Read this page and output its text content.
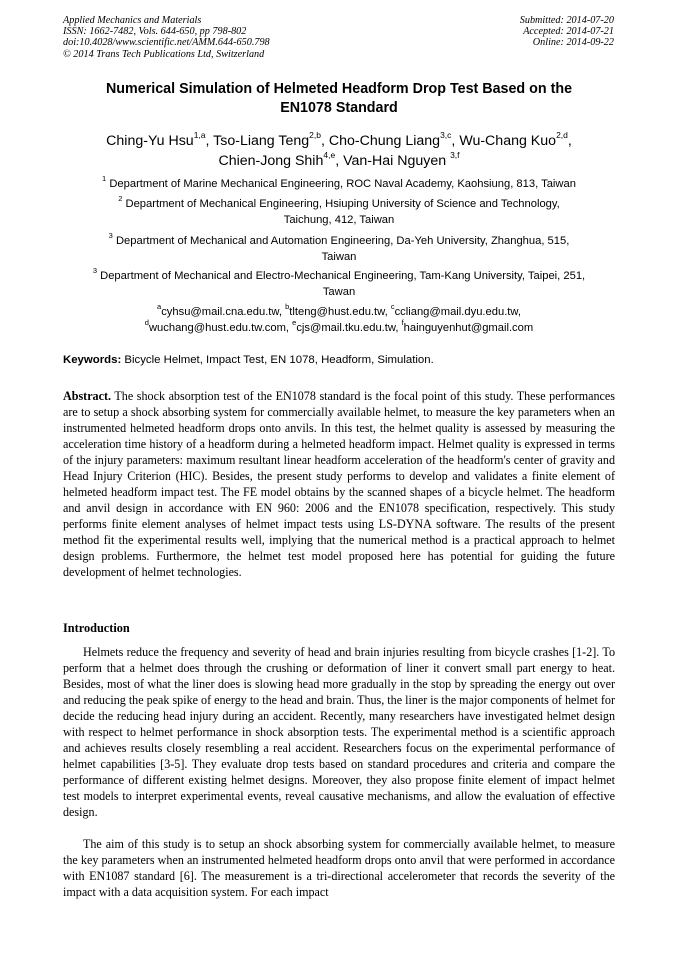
Applied Mechanics and Materials
ISSN: 1662-7482, Vols. 644-650, pp 798-802
doi:10.4028/www.scientific.net/AMM.644-650.798
© 2014 Trans Tech Publications Ltd, Switzerland
Submitted: 2014-07-20
Accepted: 2014-07-21
Online: 2014-09-22
Numerical Simulation of Helmeted Headform Drop Test Based on the
EN1078 Standard
Ching-Yu Hsu$^{1,a}$, Tso-Liang Teng$^{2,b}$, Cho-Chung Liang$^{3,c}$, Wu-Chang Kuo$^{2,d}$,
Chien-Jong Shih$^{4,e}$, Van-Hai Nguyen $^{3,f}$
$^1$ Department of Marine Mechanical Engineering, ROC Naval Academy, Kaohsiung, 813, Taiwan
$^2$ Department of Mechanical Engineering, Hsiuping University of Science and Technology,
Taichung, 412, Taiwan
$^3$ Department of Mechanical and Automation Engineering, Da-Yeh University, Zhanghua, 515,
Taiwan
$^3$ Department of Mechanical and Electro-Mechanical Engineering, Tam-Kang University, Taipei, 251,
Tawan
$^a$cyhsu@mail.cna.edu.tw, $^b$tlteng@hust.edu.tw, $^c$ccliang@mail.dyu.edu.tw,
$^d$wuchang@hust.edu.tw.com, $^e$cjs@mail.tku.edu.tw, $^f$hainguyenhut@gmail.com
Keywords: Bicycle Helmet, Impact Test, EN 1078, Headform, Simulation.

Abstract. The shock absorption test of the EN1078 standard is the focal point of this study. These performances are to setup a shock absorbing system for commercially available helmet, to measure the key parameters when an instrumented helmeted headform drops onto anvils. In this test, the helmet quality is assessed by measuring the acceleration time history of a headform during a helmeted headform impact. Helmet quality is expressed in terms of the injury parameters: maximum resultant linear headform acceleration of the headform's center of gravity and Head Injury Criterion (HIC). Besides, the present study performs to develop and validates a finite element of helmeted headform impact test. The FE model obtains by the scanned shapes of a bicycle helmet. The headform and anvil design in accordance with EN 960: 2006 and the EN1078 specification, respectively. This study performs finite element analyses of helmet impact tests using LS-DYNA software. The results of the present method fit the experimental results well, implying that the numerical method is a practical approach to helmet design problems. Furthermore, the helmet test model proposed here has potential for guiding the future development of helmet technologies.

Introduction

Helmets reduce the frequency and severity of head and brain injuries resulting from bicycle crashes [1-2]. To perform that a helmet does through the crushing or deformation of liner it convert small part energy to heat. Besides, most of what the liner does is slowing head more gradually in the stop by spreading the energy out over and reducing the peak spike of energy to the head and brain. Thus, the liner is the major components of helmet for decide the reducing head injury during an accident. Recently, many researchers have investigated helmet design with respect to helmet performance in shock absorption tests. The experimental method is a scientific approach and achieves results closely resembling a real accident. Researchers focus on the experimental performance of helmet capabilities [3-5]. They evaluate drop tests based on standard procedures and criteria and compare the performance of different existing helmet designs. Moreover, they also propose finite element of impact helmet test models to interpret experimental events, reveal causative mechanisms, and allow the evaluation of effective design.

The aim of this study is to setup an shock absorbing system for commercially available helmet, to measure the key parameters when an instrumented helmeted headform drops onto anvil that were performed in accordance with EN1087 standard [6]. The measurement is a tri-directional accelerometer that records the severity of the impact with a data acquisition system. For each impact
